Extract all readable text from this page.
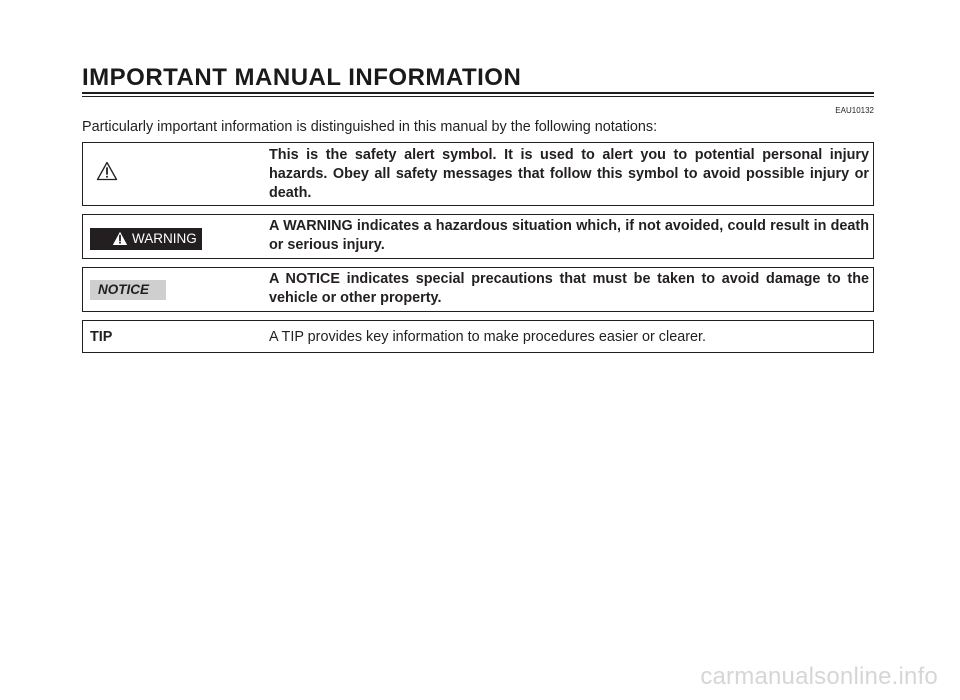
IMPORTANT MANUAL INFORMATION
EAU10132

Particularly important information is distinguished in this manual by the following notations:

This is the safety alert symbol. It is used to alert you to potential personal injury hazards. Obey all safety messages that follow this symbol to avoid possible injury or death.
WARNING
A WARNING indicates a hazardous situation which, if not avoided, could result in death or serious injury.
NOTICE
A NOTICE indicates special precautions that must be taken to avoid damage to the vehicle or other property.
TIP	A TIP provides key information to make procedures easier or clearer.
carmanualsonline.info
